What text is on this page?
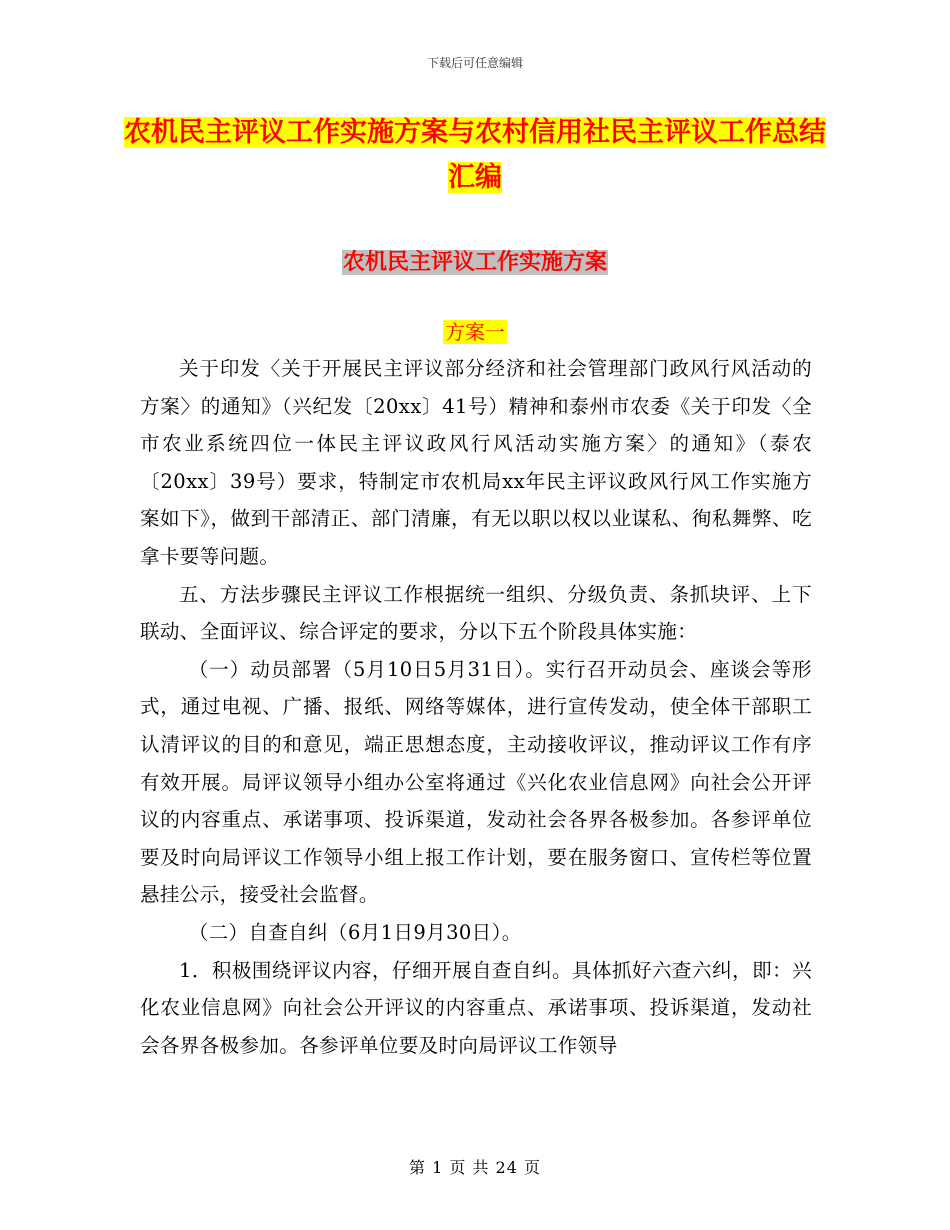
下载后可任意编辑
农机民主评议工作实施方案与农村信用社民主评议工作总结汇编
农机民主评议工作实施方案
方案一

关于印发〈关于开展民主评议部分经济和社会管理部门政风行风活动的方案〉的通知》（兴纪发〔20xx〕41号）精神和泰州市农委《关于印发〈全市农业系统四位一体民主评议政风行风活动实施方案〉的通知》（泰农〔20xx〕39号）要求，特制定市农机局xx年民主评议政风行风工作实施方案如下》，做到干部清正、部门清廉，有无以职以权以业谋私、徇私舞弊、吃拿卡要等问题。

五、方法步骤民主评议工作根据统一组织、分级负责、条抓块评、上下联动、全面评议、综合评定的要求，分以下五个阶段具体实施：

（一）动员部署（5月10日5月31日）。实行召开动员会、座谈会等形式，通过电视、广播、报纸、网络等媒体，进行宣传发动，使全体干部职工认清评议的目的和意见，端正思想态度，主动接收评议，推动评议工作有序有效开展。局评议领导小组办公室将通过《兴化农业信息网》向社会公开评议的内容重点、承诺事项、投诉渠道，发动社会各界各极参加。各参评单位要及时向局评议工作领导小组上报工作计划，要在服务窗口、宣传栏等位置悬挂公示，接受社会监督。

（二）自查自纠（6月1日9月30日）。

1．积极围绕评议内容，仔细开展自查自纠。具体抓好六查六纠，即：兴化农业信息网》向社会公开评议的内容重点、承诺事项、投诉渠道，发动社会各界各极参加。各参评单位要及时向局评议工作领导

第 1 页 共 24 页
